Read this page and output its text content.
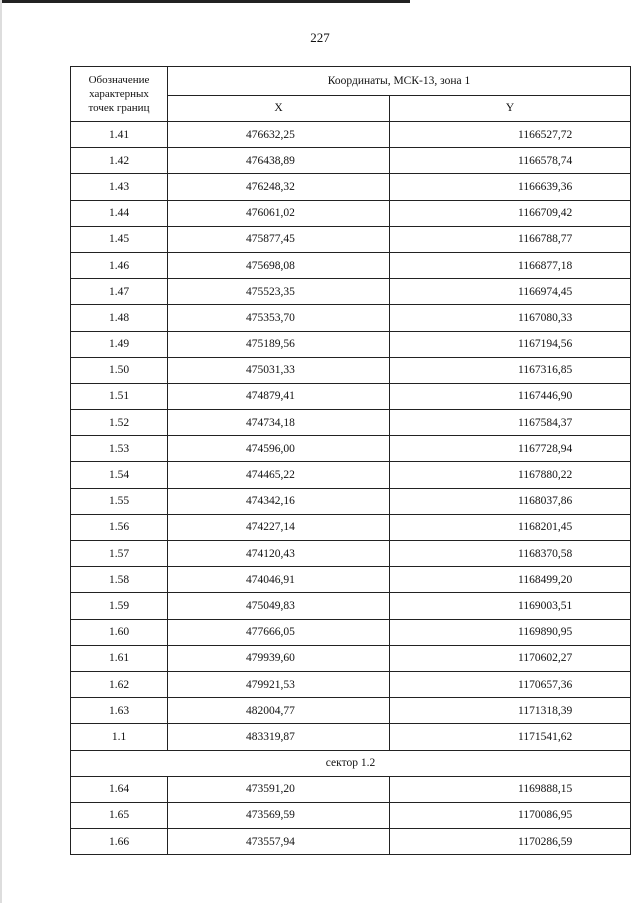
227
Обозначение характерных точек границ	Координаты, МСК-13, зона 1	
	X	Y
1.41	476632,25	1166527,72
1.42	476438,89	1166578,74
1.43	476248,32	1166639,36
1.44	476061,02	1166709,42
1.45	475877,45	1166788,77
1.46	475698,08	1166877,18
1.47	475523,35	1166974,45
1.48	475353,70	1167080,33
1.49	475189,56	1167194,56
1.50	475031,33	1167316,85
1.51	474879,41	1167446,90
1.52	474734,18	1167584,37
1.53	474596,00	1167728,94
1.54	474465,22	1167880,22
1.55	474342,16	1168037,86
1.56	474227,14	1168201,45
1.57	474120,43	1168370,58
1.58	474046,91	1168499,20
1.59	475049,83	1169003,51
1.60	477666,05	1169890,95
1.61	479939,60	1170602,27
1.62	479921,53	1170657,36
1.63	482004,77	1171318,39
1.1	483319,87	1171541,62
сектор 1.2		
1.64	473591,20	1169888,15
1.65	473569,59	1170086,95
1.66	473557,94	1170286,59
